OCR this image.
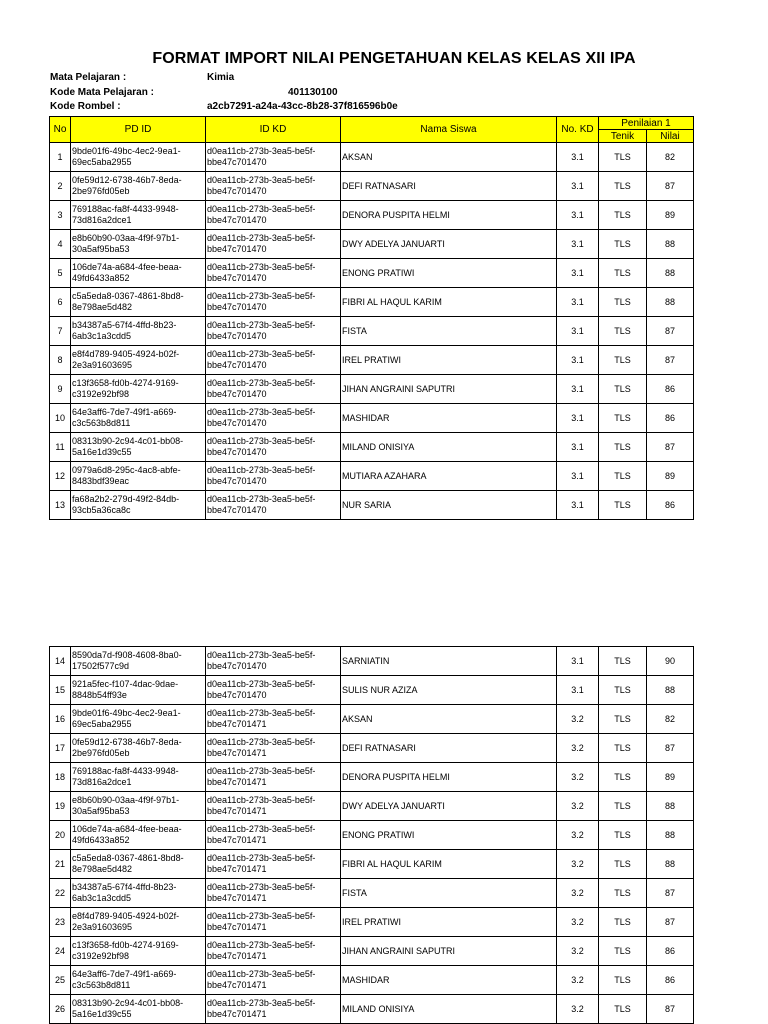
FORMAT IMPORT NILAI PENGETAHUAN KELAS KELAS XII IPA
Mata Pelajaran :	Kimia
Kode Mata Pelajaran :	401130100
Kode Rombel :	a2cb7291-a24a-43cc-8b28-37f816596b0e
No	PD ID	ID KD	Nama Siswa	No. KD	Penilaian 1	
					Tenik	Nilai
1	9bde01f6-49bc-4ec2-9ea1-
69ec5aba2955	d0ea11cb-273b-3ea5-be5f-
bbe47c701470	AKSAN	3.1	TLS	82
2	0fe59d12-6738-46b7-8eda-
2be976fd05eb	d0ea11cb-273b-3ea5-be5f-
bbe47c701470	DEFI RATNASARI	3.1	TLS	87
3	769188ac-fa8f-4433-9948-
73d816a2dce1	d0ea11cb-273b-3ea5-be5f-
bbe47c701470	DENORA PUSPITA HELMI	3.1	TLS	89
4	e8b60b90-03aa-4f9f-97b1-
30a5af95ba53	d0ea11cb-273b-3ea5-be5f-
bbe47c701470	DWY ADELYA JANUARTI	3.1	TLS	88
5	106de74a-a684-4fee-beaa-
49fd6433a852	d0ea11cb-273b-3ea5-be5f-
bbe47c701470	ENONG PRATIWI	3.1	TLS	88
6	c5a5eda8-0367-4861-8bd8-
8e798ae5d482	d0ea11cb-273b-3ea5-be5f-
bbe47c701470	FIBRI AL HAQUL KARIM	3.1	TLS	88
7	b34387a5-67f4-4ffd-8b23-
6ab3c1a3cdd5	d0ea11cb-273b-3ea5-be5f-
bbe47c701470	FISTA	3.1	TLS	87
8	e8f4d789-9405-4924-b02f-
2e3a91603695	d0ea11cb-273b-3ea5-be5f-
bbe47c701470	IREL PRATIWI	3.1	TLS	87
9	c13f3658-fd0b-4274-9169-
c3192e92bf98	d0ea11cb-273b-3ea5-be5f-
bbe47c701470	JIHAN ANGRAINI SAPUTRI	3.1	TLS	86
10	64e3aff6-7de7-49f1-a669-
c3c563b8d811	d0ea11cb-273b-3ea5-be5f-
bbe47c701470	MASHIDAR	3.1	TLS	86
11	08313b90-2c94-4c01-bb08-
5a16e1d39c55	d0ea11cb-273b-3ea5-be5f-
bbe47c701470	MILAND ONISIYA	3.1	TLS	87
12	0979a6d8-295c-4ac8-abfe-
8483bdf39eac	d0ea11cb-273b-3ea5-be5f-
bbe47c701470	MUTIARA AZAHARA	3.1	TLS	89
13	fa68a2b2-279d-49f2-84db-
93cb5a36ca8c	d0ea11cb-273b-3ea5-be5f-
bbe47c701470	NUR SARIA	3.1	TLS	86
14	8590da7d-f908-4608-8ba0-
17502f577c9d	d0ea11cb-273b-3ea5-be5f-
bbe47c701470	SARNIATIN	3.1	TLS	90
15	921a5fec-f107-4dac-9dae-
8848b54ff93e	d0ea11cb-273b-3ea5-be5f-
bbe47c701470	SULIS NUR AZIZA	3.1	TLS	88
16	9bde01f6-49bc-4ec2-9ea1-
69ec5aba2955	d0ea11cb-273b-3ea5-be5f-
bbe47c701471	AKSAN	3.2	TLS	82
17	0fe59d12-6738-46b7-8eda-
2be976fd05eb	d0ea11cb-273b-3ea5-be5f-
bbe47c701471	DEFI RATNASARI	3.2	TLS	87
18	769188ac-fa8f-4433-9948-
73d816a2dce1	d0ea11cb-273b-3ea5-be5f-
bbe47c701471	DENORA PUSPITA HELMI	3.2	TLS	89
19	e8b60b90-03aa-4f9f-97b1-
30a5af95ba53	d0ea11cb-273b-3ea5-be5f-
bbe47c701471	DWY ADELYA JANUARTI	3.2	TLS	88
20	106de74a-a684-4fee-beaa-
49fd6433a852	d0ea11cb-273b-3ea5-be5f-
bbe47c701471	ENONG PRATIWI	3.2	TLS	88
21	c5a5eda8-0367-4861-8bd8-
8e798ae5d482	d0ea11cb-273b-3ea5-be5f-
bbe47c701471	FIBRI AL HAQUL KARIM	3.2	TLS	88
22	b34387a5-67f4-4ffd-8b23-
6ab3c1a3cdd5	d0ea11cb-273b-3ea5-be5f-
bbe47c701471	FISTA	3.2	TLS	87
23	e8f4d789-9405-4924-b02f-
2e3a91603695	d0ea11cb-273b-3ea5-be5f-
bbe47c701471	IREL PRATIWI	3.2	TLS	87
24	c13f3658-fd0b-4274-9169-
c3192e92bf98	d0ea11cb-273b-3ea5-be5f-
bbe47c701471	JIHAN ANGRAINI SAPUTRI	3.2	TLS	86
25	64e3aff6-7de7-49f1-a669-
c3c563b8d811	d0ea11cb-273b-3ea5-be5f-
bbe47c701471	MASHIDAR	3.2	TLS	86
26	08313b90-2c94-4c01-bb08-
5a16e1d39c55	d0ea11cb-273b-3ea5-be5f-
bbe47c701471	MILAND ONISIYA	3.2	TLS	87
